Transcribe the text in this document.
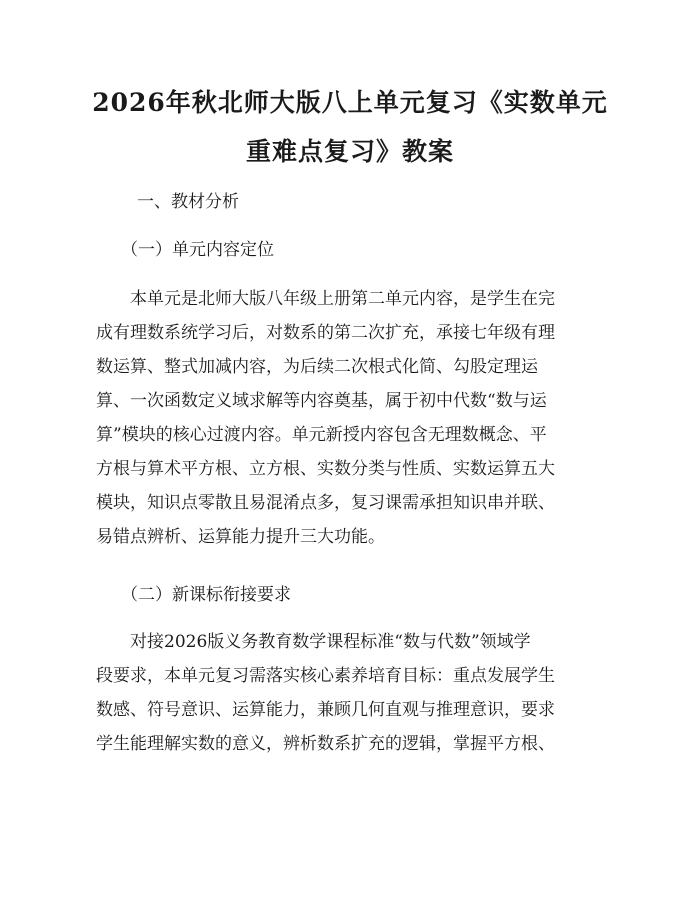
2026年秋北师大版八上单元复习《实数单元
重难点复习》教案
一、教材分析
（一）单元内容定位
　　本单元是北师大版八年级上册第二单元内容，是学生在完
成有理数系统学习后，对数系的第二次扩充，承接七年级有理
数运算、整式加减内容，为后续二次根式化简、勾股定理运
算、一次函数定义域求解等内容奠基，属于初中代数“数与运
算”模块的核心过渡内容。单元新授内容包含无理数概念、平
方根与算术平方根、立方根、实数分类与性质、实数运算五大
模块，知识点零散且易混淆点多，复习课需承担知识串并联、
易错点辨析、运算能力提升三大功能。
（二）新课标衔接要求
　　对接2026版义务教育数学课程标准“数与代数”领域学
段要求，本单元复习需落实核心素养培育目标：重点发展学生
数感、符号意识、运算能力，兼顾几何直观与推理意识，要求
学生能理解实数的意义，辨析数系扩充的逻辑，掌握平方根、
